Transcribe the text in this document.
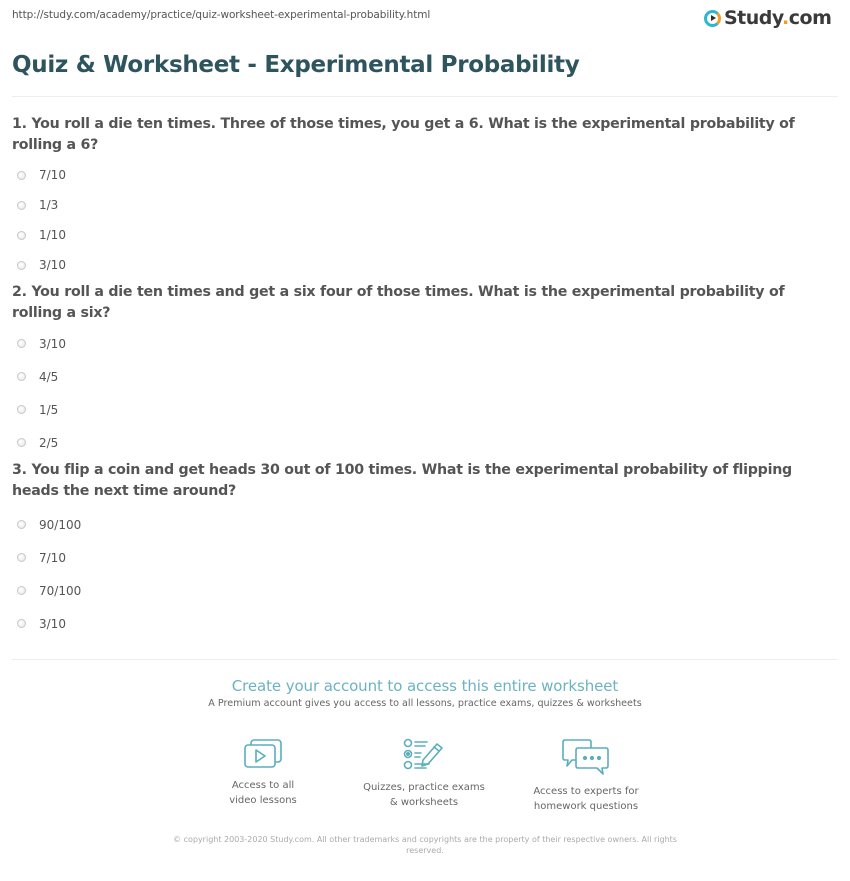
http://study.com/academy/practice/quiz-worksheet-experimental-probability.html	Study.com
Quiz & Worksheet - Experimental Probability
1. You roll a die ten times. Three of those times, you get a 6. What is the experimental probability of rolling a 6?
7/10
1/3
1/10
3/10
2. You roll a die ten times and get a six four of those times. What is the experimental probability of rolling a six?
3/10
4/5
1/5
2/5
3. You flip a coin and get heads 30 out of 100 times. What is the experimental probability of flipping heads the next time around?
90/100
7/10
70/100
3/10
Create your account to access this entire worksheet
A Premium account gives you access to all lessons, practice exams, quizzes & worksheets
Access to all
video lessons
Quizzes, practice exams
& worksheets
Access to experts for
homework questions
© copyright 2003-2020 Study.com. All other trademarks and copyrights are the property of their respective owners. All rights reserved.
